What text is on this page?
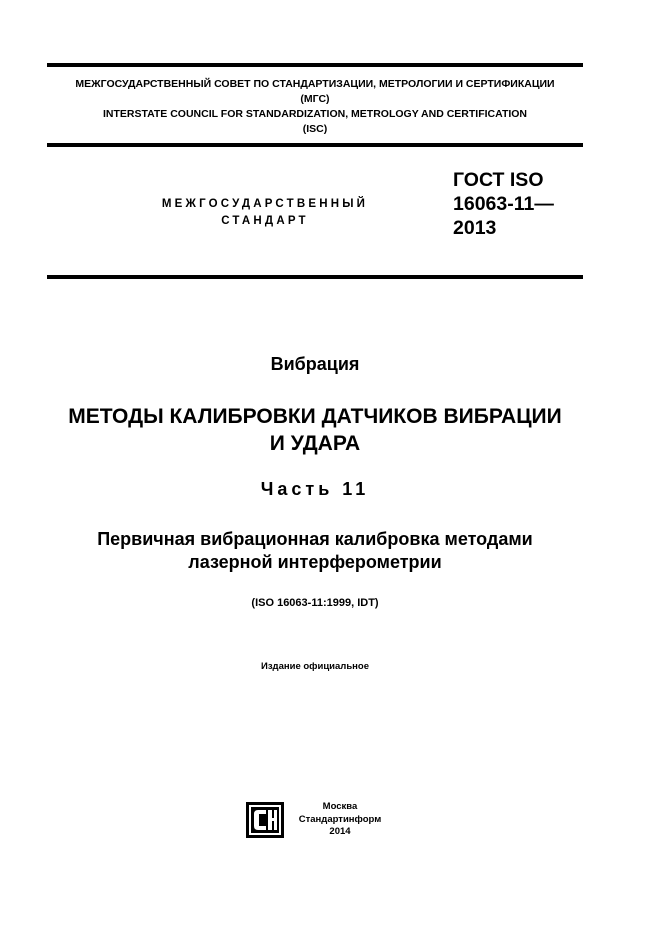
МЕЖГОСУДАРСТВЕННЫЙ СОВЕТ ПО СТАНДАРТИЗАЦИИ, МЕТРОЛОГИИ И СЕРТИФИКАЦИИ
(МГС)
INTERSTATE COUNCIL FOR STANDARDIZATION, METROLOGY AND CERTIFICATION
(ISC)
МЕЖГОСУДАРСТВЕННЫЙ
СТАНДАРТ
ГОСТ ISO
16063-11—
2013
Вибрация
МЕТОДЫ КАЛИБРОВКИ ДАТЧИКОВ ВИБРАЦИИ
И УДАРА
Часть 11
Первичная вибрационная калибровка методами
лазерной интерферометрии
(ISO 16063-11:1999, IDT)
Издание официальное
Москва
Стандартинформ
2014
